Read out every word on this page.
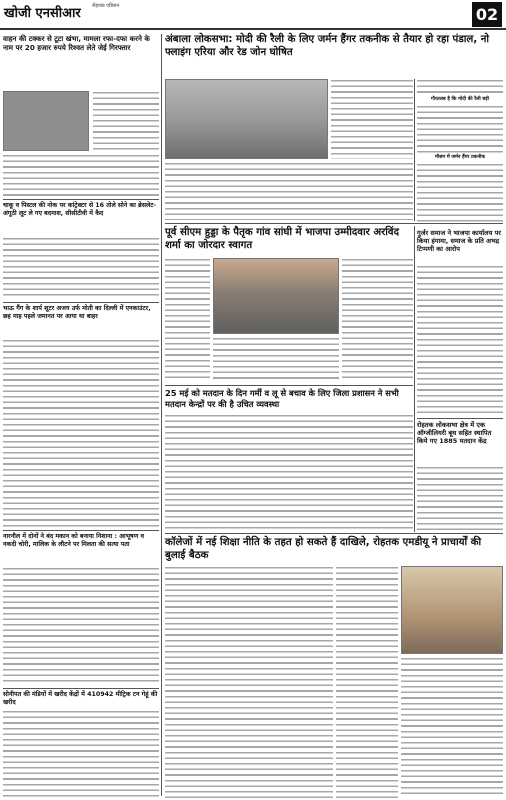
खोजी एनसीआर रोहतक एडिशन	02
वाहन की टक्कर से टूटा खंभा, मामला रफा-दफा करने के नाम पर 20 हजार रुपये रिश्वत लेते जेई गिरफ्तार
चाकू व पिस्टल की नोक पर कांट्रेक्टर से 16 तोले सोने का ब्रेसलेट-अंगूठी लूट ले गए बदमाश, सीसीटीवी में कैद
भाऊ गैंग के शार्प शूटर अजय उर्फ मोती का दिल्ली में एनकाउंटर, छह माह पहले जमानत पर आया था बाहर
नारनौल में दोनों ने बंद मकान को बनाया निशाना : आभूषण व नकदी चोरी, मालिक के लौटने पर मिलता की सत्या पता
सोनीपत की मंडियों में खरीद केंद्रों में 410942 मीट्रिक टन गेहूं की खरीद
अंबाला लोकसभा: मोदी की रैली के लिए जर्मन हैंगर तकनीक से तैयार हो रहा पंडाल, नो फ्लाइंग एरिया और रेड जोन घोषित
गौरतलब है कि मोदी की रैली बड़ी
मौसम में जर्मन हैंगर तकनीक
पूर्व सीएम हुड्डा के पैतृक गांव सांघी में भाजपा उम्मीदवार अरविंद शर्मा का जोरदार स्वागत
गुर्जर समाज ने भाजपा कार्यालय पर किया हंगामा, समाज के प्रति अभद्र टिप्पणी का आरोप
रोहतक लोकसभा क्षेत्र में एक ऑग्जीलियरी बूथ सहित स्थापित किये गए 1885 मतदान केंद्र
25 मई को मतदान के दिन गर्मी व लू से बचाव के लिए जिला प्रशासन ने सभी मतदान केन्द्रों पर की है उचित व्यवस्था
कॉलेजों में नई शिक्षा नीति के तहत हो सकते हैं दाखिले, रोहतक एमडीयू ने प्राचार्यों की बुलाई बैठक
